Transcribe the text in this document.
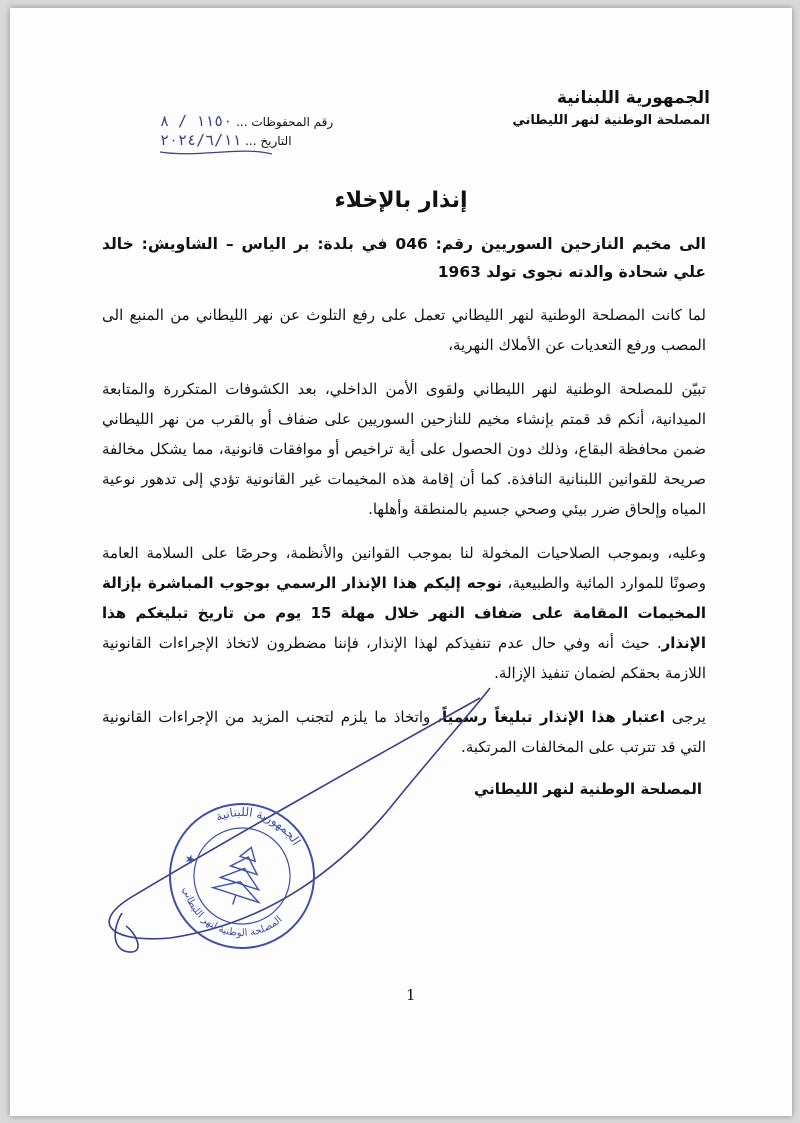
الجمهورية اللبنانية
المصلحة الوطنية لنهر الليطاني
رقم المحفوظات ... ١١٥٠ / ٨
التاريخ ... ٢٠٢٤/٦/١١
إنذار بالإخلاء

الى مخيم النازحين السوريين رقم: 046 في بلدة: بر الياس – الشاويش: خالد علي شحادة والدته نجوى تولد 1963

لما كانت المصلحة الوطنية لنهر الليطاني تعمل على رفع التلوث عن نهر الليطاني من المنبع الى المصب ورفع التعديات عن الأملاك النهرية،

تبيّن للمصلحة الوطنية لنهر الليطاني ولقوى الأمن الداخلي، بعد الكشوفات المتكررة والمتابعة الميدانية، أنكم قد قمتم بإنشاء مخيم للنازحين السوريين على ضفاف أو بالقرب من نهر الليطاني ضمن محافظة البقاع، وذلك دون الحصول على أية تراخيص أو موافقات قانونية، مما يشكل مخالفة صريحة للقوانين اللبنانية النافذة. كما أن إقامة هذه المخيمات غير القانونية تؤدي إلى تدهور نوعية المياه وإلحاق ضرر بيئي وصحي جسيم بالمنطقة وأهلها.

وعليه، وبموجب الصلاحيات المخولة لنا بموجب القوانين والأنظمة، وحرصًا على السلامة العامة وصونًا للموارد المائية والطبيعية، نوجه إليكم هذا الإنذار الرسمي بوجوب المباشرة بإزالة المخيمات المقامة على ضفاف النهر خلال مهلة 15 يوم من تاريخ تبليغكم هذا الإنذار. حيث أنه وفي حال عدم تنفيذكم لهذا الإنذار، فإننا مضطرون لاتخاذ الإجراءات القانونية اللازمة بحقكم لضمان تنفيذ الإزالة.

يرجى اعتبار هذا الإنذار تبليغاً رسمياً، واتخاذ ما يلزم لتجنب المزيد من الإجراءات القانونية التي قد تترتب على المخالفات المرتكبة.

المصلحة الوطنية لنهر الليطاني
الجمهورية اللبنانية
المصلحة الوطنية لنهر الليطاني
★
1
